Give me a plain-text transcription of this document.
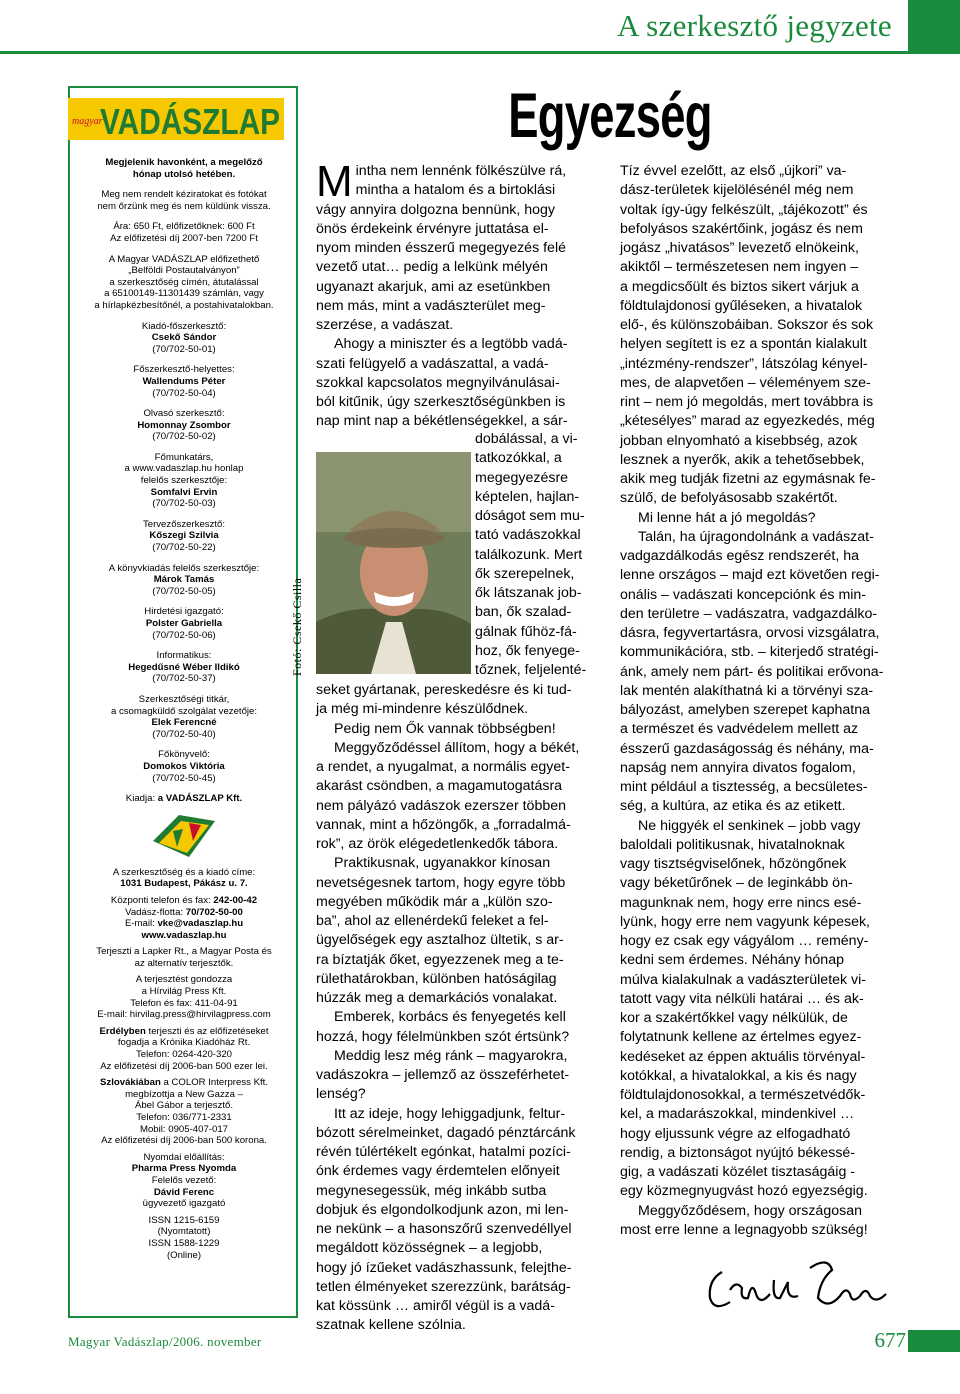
A szerkesztő jegyzete
Egyezség
magyar
VADÁSZLAP
Megjelenik havonként, a megelőző
hónap utolsó hetében.
Meg nem rendelt kéziratokat és fotókat
nem őrzünk meg és nem küldünk vissza.
Ára: 650 Ft, előfizetőknek: 600 Ft
Az előfizetési díj 2007-ben 7200 Ft
A Magyar VADÁSZLAP előfizethető
„Belföldi Postautalványon”
a szerkesztőség címén, átutalással
a 65100149-11301439 számlán, vagy
a hírlapkézbesítőnél, a postahivatalokban.
Kiadó-főszerkesztő:
Csekő Sándor
(70/702-50-01)
Főszerkesztő-helyettes:
Wallendums Péter
(70/702-50-04)
Olvasó szerkesztő:
Homonnay Zsombor
(70/702-50-02)
Főmunkatárs,
a www.vadaszlap.hu honlap
felelős szerkesztője:
Somfalvi Ervin
(70/702-50-03)
Tervezőszerkesztő:
Kőszegi Szilvia
(70/702-50-22)
A könyvkiadás felelős szerkesztője:
Márok Tamás
(70/702-50-05)
Hirdetési igazgató:
Polster Gabriella
(70/702-50-06)
Informatikus:
Hegedűsné Wéber Ildikó
(70/702-50-37)
Szerkesztőségi titkár,
a csomagküldő szolgálat vezetője:
Elek Ferencné
(70/702-50-40)
Főkönyvelő:
Domokos Viktória
(70/702-50-45)
Kiadja: a VADÁSZLAP Kft.
A szerkesztőség és a kiadó címe:
1031 Budapest, Pákász u. 7.
Központi telefon és fax: 242-00-42
Vadász-flotta: 70/702-50-00
E-mail: vke@vadaszlap.hu
www.vadaszlap.hu
Terjeszti a Lapker Rt., a Magyar Posta és
az alternatív terjesztők.
A terjesztést gondozza
a Hírvilág Press Kft.
Telefon és fax: 411-04-91
E-mail: hirvilag.press@hirvilagpress.com
Erdélyben terjeszti és az előfizetéseket
fogadja a Krónika Kiadóház Rt.
Telefon: 0264-420-320
Az előfizetési díj 2006-ban 500 ezer lei.
Szlovákiában a COLOR Interpress Kft.
megbízottja a New Gazza –
Ábel Gábor a terjesztő.
Telefon: 036/771-2331
Mobil: 0905-407-017
Az előfizetési díj 2006-ban 500 korona.
Nyomdai előállítás:
Pharma Press Nyomda
Felelős vezető:
Dávid Ferenc
ügyvezető igazgató
ISSN 1215-6159
(Nyomtatott)
ISSN 1588-1229
(Online)
M intha nem lennénk fölkészülve rá,
mintha a hatalom és a birtoklási
vágy annyira dolgozna bennünk, hogy
önös érdekeink érvényre juttatása el-
nyom minden ésszerű megegyezés felé
vezető utat… pedig a lelkünk mélyén
ugyanazt akarjuk, ami az esetünkben
nem más, mint a vadászterület meg-
szerzése, a vadászat.
Ahogy a miniszter és a legtöbb vadá-
szati felügyelő a vadászattal, a vadá-
szokkal kapcsolatos megnyilvánulásai-
ból kitűnik, úgy szerkesztőségünkben is
nap mint nap a békétlenségekkel, a sár-
Fotó: Csekő Csilla
dobálással, a vi-
tatkozókkal, a
megegyezésre
képtelen, hajlan-
dóságot sem mu-
tató vadászokkal
találkozunk. Mert
ők szerepelnek,
ők látszanak job-
ban, ők szalad-
gálnak fűhöz-fá-
hoz, ők fenyege-
tőznek, feljelenté-
seket gyártanak, pereskedésre és ki tud-
ja még mi-mindenre készülődnek.
Pedig nem Ők vannak többségben!
Meggyőződéssel állítom, hogy a békét,
a rendet, a nyugalmat, a normális egyet-
akarást csöndben, a magamutogatásra
nem pályázó vadászok ezerszer többen
vannak, mint a hőzöngők, a „forradalmá-
rok”, az örök elégedetlenkedők tábora.
Praktikusnak, ugyanakkor kínosan
nevetségesnek tartom, hogy egyre több
megyében működik már a „külön szo-
ba”, ahol az ellenérdekű feleket a fel-
ügyelőségek egy asztalhoz ültetik, s ar-
ra bíztatják őket, egyezzenek meg a te-
rülethatárokban, különben hatóságilag
húzzák meg a demarkációs vonalakat.
Emberek, korbács és fenyegetés kell
hozzá, hogy félelmünkben szót értsünk?
Meddig lesz még ránk – magyarokra,
vadászokra – jellemző az összeférhetet-
lenség?
Itt az ideje, hogy lehiggadjunk, feltur-
bózott sérelmeinket, dagadó pénztárcánk
révén túlértékelt egónkat, hatalmi pozíci-
ónk érdemes vagy érdemtelen előnyeit
megynesegessük, még inkább sutba
dobjuk és elgondolkodjunk azon, mi len-
ne nekünk – a hasonszőrű szenvedéllyel
megáldott közösségnek – a legjobb,
hogy jó ízűeket vadászhassunk, felejthe-
tetlen élményeket szerezzünk, barátság-
kat kössünk … amiről végül is a vadá-
szatnak kellene szólnia.
Tíz évvel ezelőtt, az első „újkori” va-
dász-területek kijelölésénél még nem
voltak így-úgy felkészült, „tájékozott” és
befolyásos szakértőink, jogász és nem
jogász „hivatásos” levezető elnökeink,
akiktől – természetesen nem ingyen –
a megdicsőült és biztos sikert várjuk a
földtulajdonosi gyűléseken, a hivatalok
elő-, és különszobáiban. Sokszor és sok
helyen segített is ez a spontán kialakult
„intézmény-rendszer”, látszólag kényel-
mes, de alapvetően – véleményem sze-
rint – nem jó megoldás, mert továbbra is
„kétesélyes” marad az egyezkedés, még
jobban elnyomható a kisebbség, azok
lesznek a nyerők, akik a tehetősebbek,
akik meg tudják fizetni az egymásnak fe-
szülő, de befolyásosabb szakértőt.
Mi lenne hát a jó megoldás?
Talán, ha újragondolnánk a vadászat-
vadgazdálkodás egész rendszerét, ha
lenne országos – majd ezt követően regi-
onális – vadászati koncepciónk és min-
den területre – vadászatra, vadgazdálko-
dásra, fegyvertartásra, orvosi vizsgálatra,
kommunikációra, stb. – kiterjedő stratégi-
ánk, amely nem párt- és politikai erővona-
lak mentén alakíthatná ki a törvényi sza-
bályozást, amelyben szerepet kaphatna
a természet és vadvédelem mellett az
ésszerű gazdaságosság és néhány, ma-
napság nem annyira divatos fogalom,
mint például a tisztesség, a becsületes-
ség, a kultúra, az etika és az etikett.
Ne higgyék el senkinek – jobb vagy
baloldali politikusnak, hivatalnoknak
vagy tisztségviselőnek, hőzöngőnek
vagy béketűrőnek – de leginkább ön-
magunknak nem, hogy erre nincs esé-
lyünk, hogy erre nem vagyunk képesek,
hogy ez csak egy vágyálom … remény-
kedni sem érdemes. Néhány hónap
múlva kialakulnak a vadászterületek vi-
tatott vagy vita nélküli határai … és ak-
kor a szakértőkkel vagy nélkülük, de
folytatnunk kellene az értelmes egyez-
kedéseket az éppen aktuális törvényal-
kotókkal, a hivatalokkal, a kis és nagy
földtulajdonosokkal, a természetvédők-
kel, a madarászokkal, mindenkivel …
hogy eljussunk végre az elfogadható
rendig, a biztonságot nyújtó békessé-
gig, a vadászati közélet tisztaságáig -
egy közmegnyugvást hozó egyezségig.
Meggyőződésem, hogy országosan
most erre lenne a legnagyobb szükség!
Magyar Vadászlap/2006. november	677
